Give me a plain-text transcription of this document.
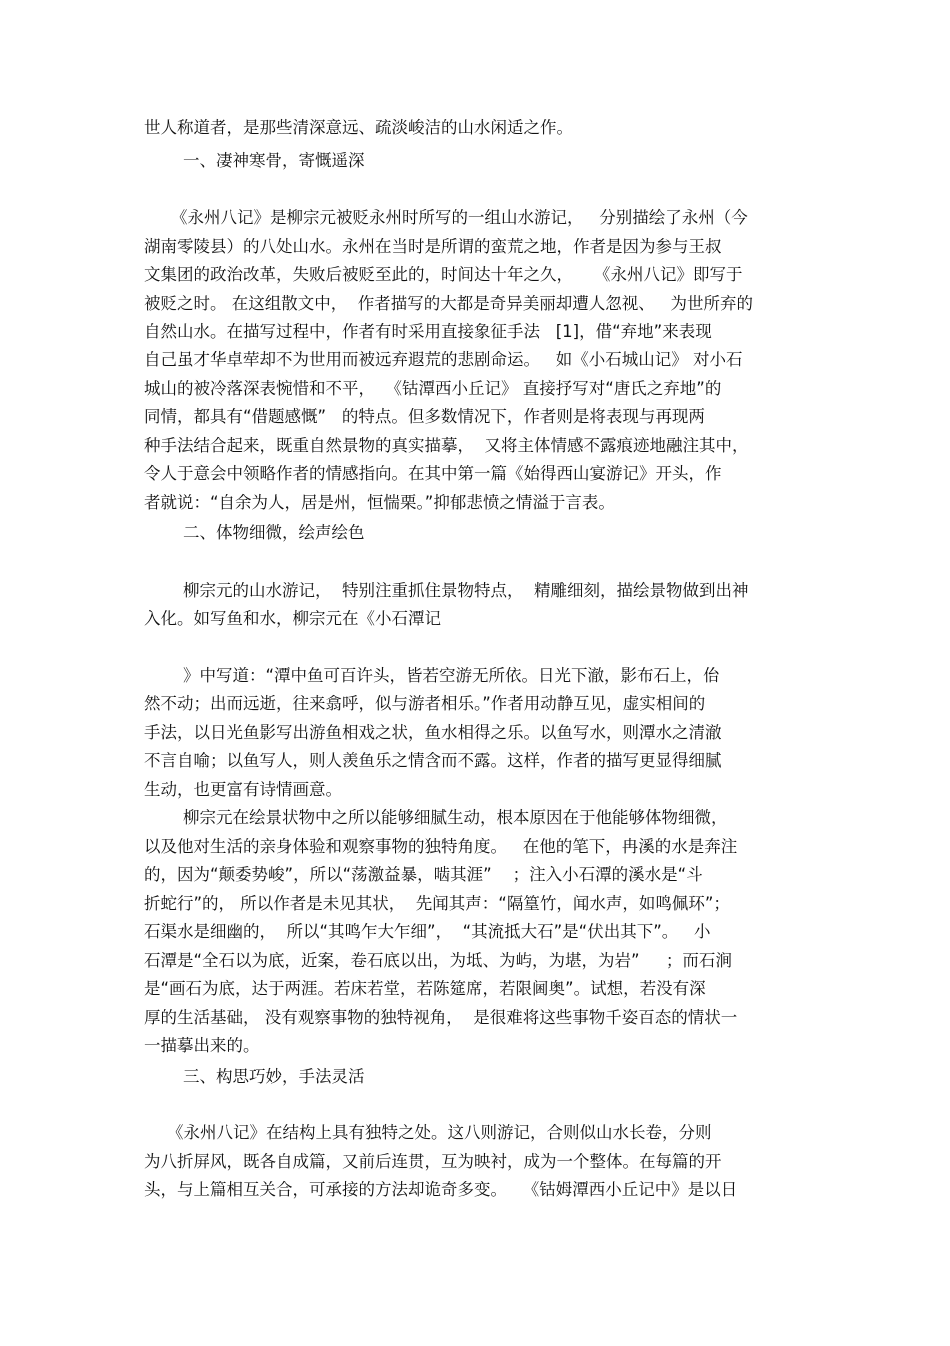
世人称道者，是那些清深意远、疏淡峻洁的山水闲适之作。
一、凄神寒骨，寄慨遥深
《永州八记》是柳宗元被贬永州时所写的一组山水游记，   分别描绘了永州（今
湖南零陵县）的八处山水。永州在当时是所谓的蛮荒之地，作者是因为参与王叔
文集团的政治改革，失败后被贬至此的，时间达十年之久，    《永州八记》即写于
被贬之时。 在这组散文中，  作者描写的大都是奇异美丽却遭人忽视、   为世所弃的
自然山水。在描写过程中，作者有时采用直接象征手法   [1]，借“弃地”来表现
自己虽才华卓荦却不为世用而被远弃遐荒的悲剧命运。   如《小石城山记》 对小石
城山的被冷落深表惋惜和不平，  《钴潭西小丘记》 直接抒写对“唐氏之弃地”的
同情，都具有“借题感慨”   的特点。但多数情况下，作者则是将表现与再现两
种手法结合起来，既重自然景物的真实描摹，  又将主体情感不露痕迹地融注其中，
令人于意会中领略作者的情感指向。在其中第一篇《始得西山宴游记》开头，作
者就说：“自余为人，居是州，恒惴栗。”抑郁悲愤之情溢于言表。
二、体物细微，绘声绘色
柳宗元的山水游记，  特别注重抓住景物特点，  精雕细刻，描绘景物做到出神
入化。如写鱼和水，柳宗元在《小石潭记
》中写道：“潭中鱼可百许头，皆若空游无所依。日光下澈，影布石上，佁
然不动；出而远逝，往来翕呼，似与游者相乐。”作者用动静互见，虚实相间的
手法，以日光鱼影写出游鱼相戏之状，鱼水相得之乐。以鱼写水，则潭水之清澈
不言自喻；以鱼写人，则人羡鱼乐之情含而不露。这样，作者的描写更显得细腻
生动，也更富有诗情画意。
柳宗元在绘景状物中之所以能够细腻生动，根本原因在于他能够体物细微，
以及他对生活的亲身体验和观察事物的独特角度。   在他的笔下，冉溪的水是奔注
的，因为“颠委势峻”，所以“荡激益暴，啮其涯”    ；注入小石潭的溪水是“斗
折蛇行”的， 所以作者是未见其状，  先闻其声：“隔篁竹，闻水声，如鸣佩环”；
石渠水是细幽的，  所以“其鸣乍大乍细”，  “其流抵大石”是“伏出其下”。   小
石潭是“全石以为底，近案，卷石底以出，为坻、为屿，为堪，为岩”     ；而石涧
是“画石为底，达于两涯。若床若堂，若陈筵席，若限阃奥”。试想，若没有深
厚的生活基础， 没有观察事物的独特视角，  是很难将这些事物千姿百态的情状一
一描摹出来的。
三、构思巧妙，手法灵活
《永州八记》在结构上具有独特之处。这八则游记，合则似山水长卷，分则
为八折屏风，既各自成篇，又前后连贯，互为映衬，成为一个整体。在每篇的开
头，与上篇相互关合，可承接的方法却诡奇多变。   《钴姆潭西小丘记中》是以日
